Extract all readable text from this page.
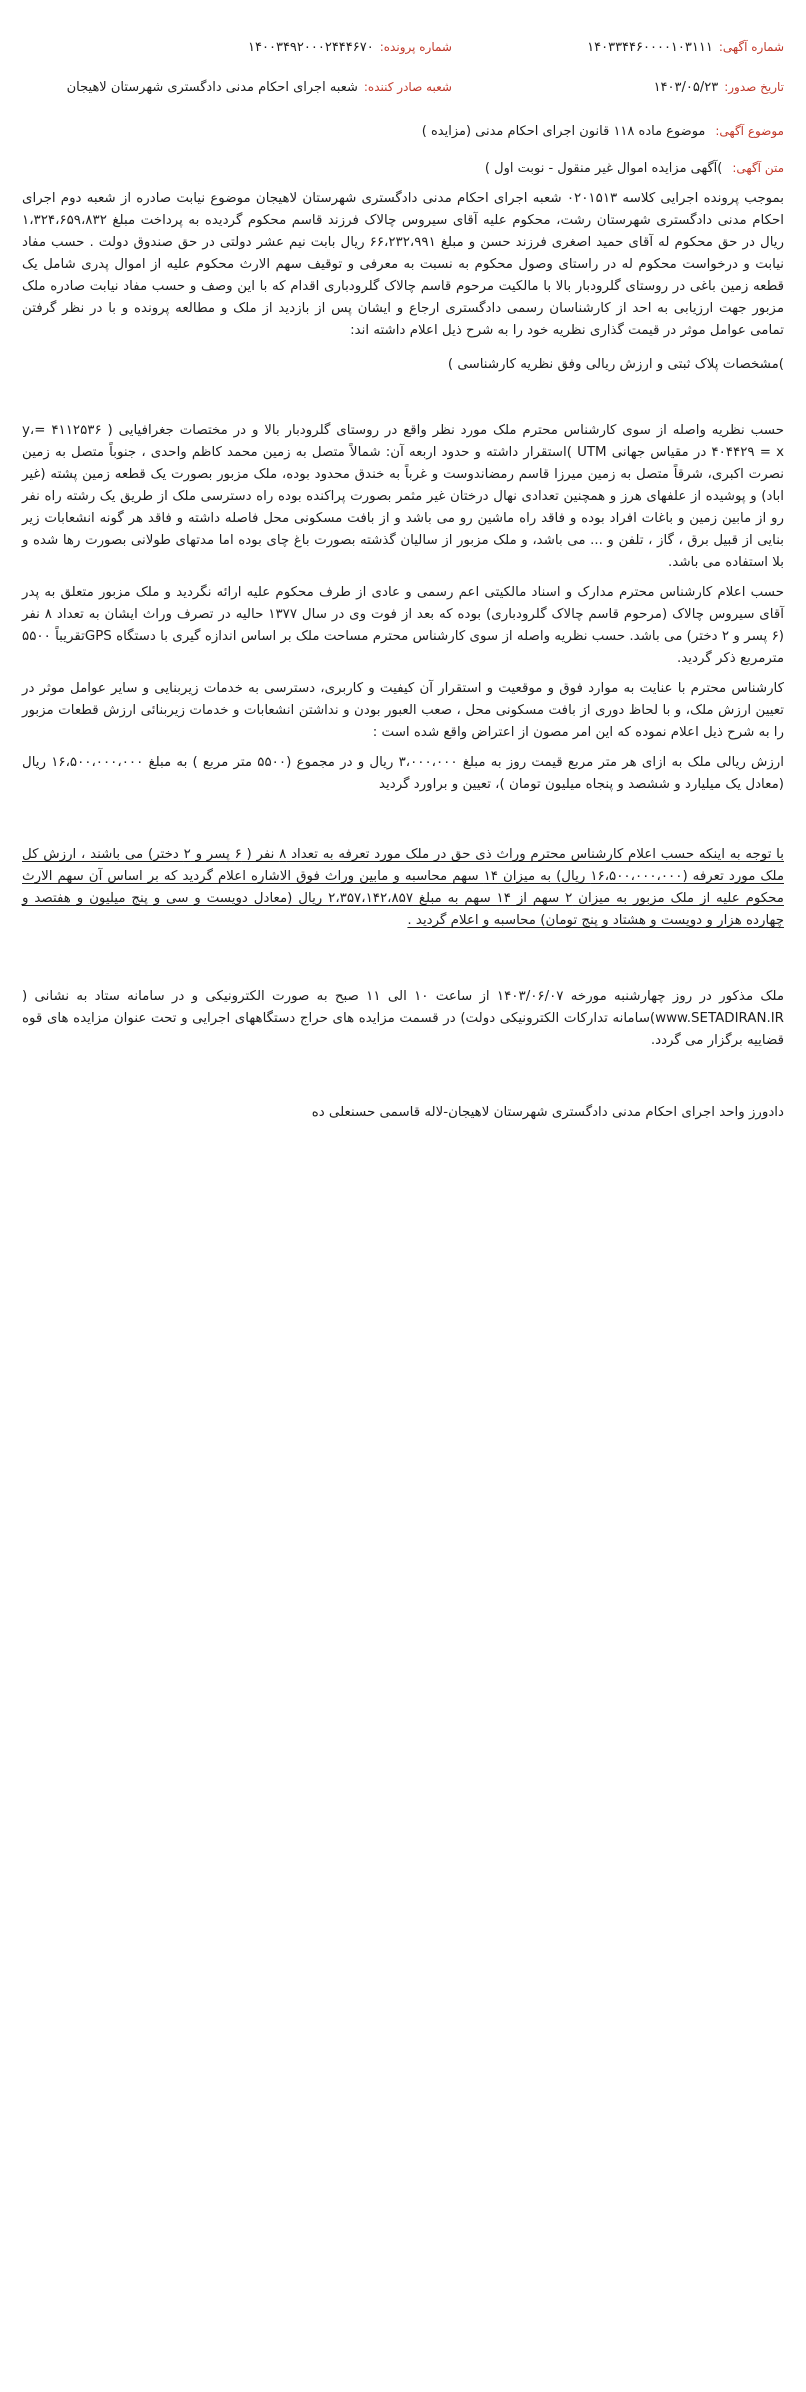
شماره آگهی:
۱۴۰۳۳۴۴۶۰۰۰۰۱۰۳۱۱۱
شماره پرونده:
۱۴۰۰۳۴۹۲۰۰۰۲۴۴۴۶۷۰
تاریخ صدور:
۱۴۰۳/۰۵/۲۳
شعبه صادر کننده:
شعبه اجرای احکام مدنی دادگستری شهرستان لاهیجان
موضوع آگهی:
موضوع ماده ۱۱۸ قانون اجرای احکام مدنی (مزایده )
متن آگهی:
)آگهی مزایده اموال غیر منقول - نوبت اول )

بموجب پرونده اجرایی کلاسه ۰۲۰۱۵۱۳ شعبه اجرای احکام مدنی دادگستری شهرستان لاهیجان موضوع نیابت صادره از شعبه دوم اجرای احکام مدنی دادگستری شهرستان رشت، محکوم علیه آقای سیروس چالاک فرزند قاسم محکوم گردیده به پرداخت مبلغ ۱،۳۲۴،۶۵۹،۸۳۲ ریال در حق محکوم له آقای حمید اصغری فرزند حسن و مبلغ ۶۶،۲۳۲،۹۹۱ ریال بابت نیم عشر دولتی در حق صندوق دولت . حسب مفاد نیابت و درخواست محکوم له در راستای وصول محکوم به نسبت به معرفی و توقیف سهم الارث محکوم علیه از اموال پدری شامل یک قطعه زمین باغی در روستای گلرودبار بالا با مالکیت مرحوم قاسم چالاک گلرودباری اقدام که با این وصف و حسب مفاد نیابت صادره ملک مزبور جهت ارزیابی به احد از کارشناسان رسمی دادگستری ارجاع و ایشان پس از بازدید از ملک و مطالعه پرونده و با در نظر گرفتن تمامی عوامل موثر در قیمت گذاری نظریه خود را به شرح ذیل اعلام داشته اند:

)مشخصات پلاک ثبتی و ارزش ریالی وفق نظریه کارشناسی )

حسب نظریه واصله از سوی کارشناس محترم ملک مورد نظر واقع در روستای گلرودبار بالا و در مختصات جغرافیایی ( ۴۱۱۲۵۳۶ =y، ۴۰۴۴۲۹ = x در مقیاس جهانی UTM )استقرار داشته و حدود اربعه آن: شمالاً متصل به زمین محمد کاظم واحدی ، جنوباً متصل به زمین نصرت اکبری، شرقاً متصل به زمین میرزا قاسم رمضاندوست و غرباً به خندق محدود بوده، ملک مزبور بصورت یک قطعه زمین پشته (غیر اباد) و پوشیده از علفهای هرز و همچنین تعدادی نهال درختان غیر مثمر بصورت پراکنده بوده راه دسترسی ملک از طریق یک رشته راه نفر رو از مابین زمین و باغات افراد بوده و فاقد راه ماشین رو می باشد و از بافت مسکونی محل فاصله داشته و فاقد هر گونه انشعابات زیر بنایی از قبیل برق ، گاز ، تلفن و ... می باشد، و ملک مزبور از سالیان گذشته بصورت باغ چای بوده اما مدتهای طولانی بصورت رها شده و بلا استفاده می باشد.

حسب اعلام کارشناس محترم مدارک و اسناد مالکیتی اعم رسمی و عادی از طرف محکوم علیه ارائه نگردید و ملک مزبور متعلق به پدر آقای سیروس چالاک (مرحوم قاسم چالاک گلرودباری) بوده که بعد از فوت وی در سال ۱۳۷۷ حالیه در تصرف وراث ایشان به تعداد ۸ نفر (۶ پسر و ۲ دختر) می باشد. حسب نظریه واصله از سوی کارشناس محترم مساحت ملک بر اساس اندازه گیری با دستگاه GPSتقریباً ۵۵۰۰ مترمربع ذکر گردید.

کارشناس محترم با عنایت به موارد فوق و موقعیت و استقرار آن کیفیت و کاربری، دسترسی به خدمات زیربنایی و سایر عوامل موثر در تعیین ارزش ملک، و با لحاظ دوری از بافت مسکونی محل ، صعب العبور بودن و نداشتن انشعابات و خدمات زیربنائی ارزش قطعات مزبور را به شرح ذیل اعلام نموده که این امر مصون از اعتراض واقع شده است :

ارزش ریالی ملک به ازای هر متر مربع قیمت روز به مبلغ ۳،۰۰۰،۰۰۰ ریال و در مجموع (۵۵۰۰ متر مربع ) به مبلغ ۱۶،۵۰۰،۰۰۰،۰۰۰ ریال (معادل یک میلیارد و ششصد و پنجاه میلیون تومان )، تعیین و براورد گردید

با توجه به اینکه حسب اعلام کارشناس محترم وراث ذی حق در ملک مورد تعرفه به تعداد ۸ نفر ( ۶ پسر و ۲ دختر) می باشند ، ارزش کل ملک مورد تعرفه (۱۶،۵۰۰،۰۰۰،۰۰۰ ریال) به میزان ۱۴ سهم محاسبه و مابین وراث فوق الاشاره اعلام گردید که بر اساس آن سهم الارث محکوم علیه از ملک مزبور به میزان ۲ سهم از ۱۴ سهم به مبلغ ۲،۳۵۷،۱۴۲،۸۵۷ ریال (معادل دویست و سی و پنج میلیون و هفتصد و چهارده هزار و دویست و هشتاد و پنج تومان) محاسبه و اعلام گردید .

ملک مذکور در روز چهارشنبه مورخه ۱۴۰۳/۰۶/۰۷ از ساعت ۱۰ الی ۱۱ صبح به صورت الکترونیکی و در سامانه ستاد به نشانی ( www.SETADIRAN.IR)سامانه تدارکات الکترونیکی دولت) در قسمت مزایده های حراج دستگاههای اجرایی و تحت عنوان مزایده های قوه قضاییه برگزار می گردد.

دادورز واحد اجرای احکام مدنی دادگستری شهرستان لاهیجان-لاله قاسمی حسنعلی ده
